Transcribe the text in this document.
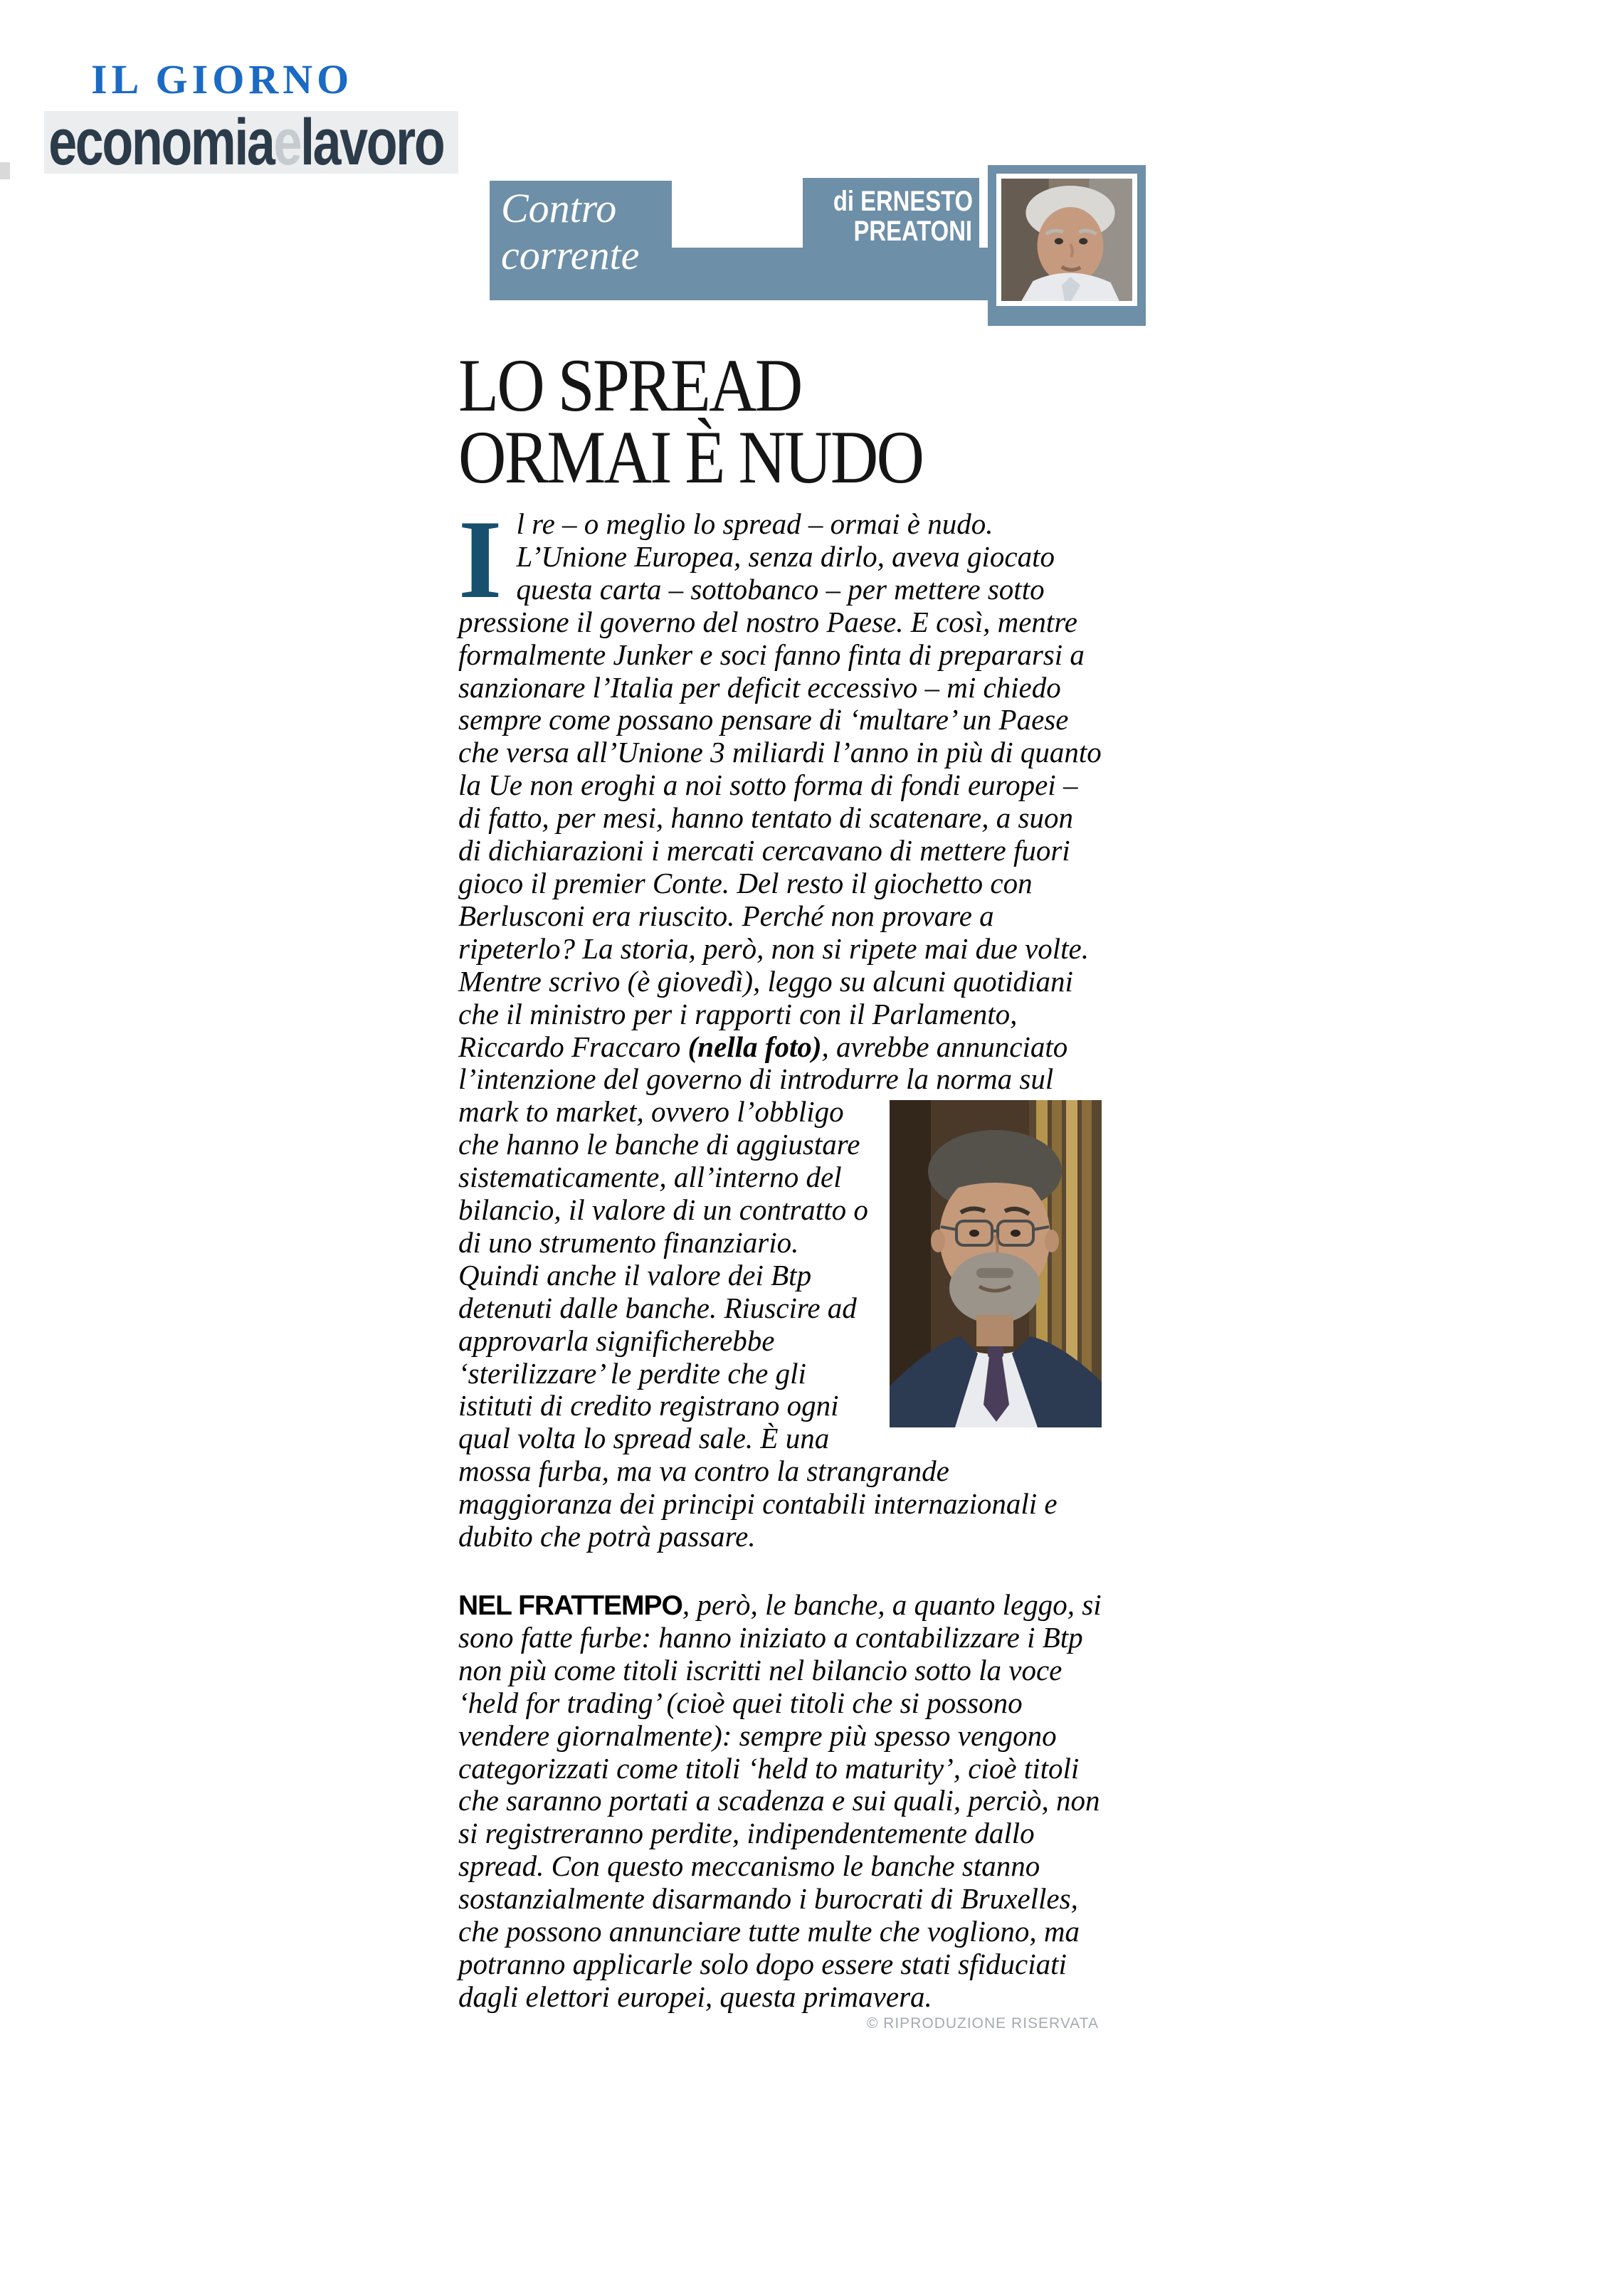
IL GIORNO
economiaelavoro
Contro
corrente
di ERNESTO
PREATONI
LO SPREAD
ORMAI È NUDO

Il re – o meglio lo spread – ormai è nudo. L’Unione Europea, senza dirlo, aveva giocato questa carta – sottobanco – per mettere sotto pressione il governo del nostro Paese. E così, mentre formalmente Junker e soci fanno finta di prepararsi a sanzionare l’Italia per deficit eccessivo – mi chiedo sempre come possano pensare di ‘multare’ un Paese che versa all’Unione 3 miliardi l’anno in più di quanto la Ue non eroghi a noi sotto forma di fondi europei – di fatto, per mesi, hanno tentato di scatenare, a suon di dichiarazioni i mercati cercavano di mettere fuori gioco il premier Conte. Del resto il giochetto con Berlusconi era riuscito. Perché non provare a ripeterlo? La storia, però, non si ripete mai due volte. Mentre scrivo (è giovedì), leggo su alcuni quotidiani che il ministro per i rapporti con il Parlamento, Riccardo Fraccaro (nella foto), avrebbe annunciato l’intenzione del governo di introdurre la norma sul mark to
market, ovvero l’obbligo che hanno le banche di aggiustare sistematicamente, all’interno del bilancio, il valore di un contratto o di uno strumento finanziario. Quindi anche il valore dei Btp detenuti dalle banche. Riuscire ad approvarla significherebbe ‘sterilizzare’ le perdite che gli istituti di credito registrano ogni qual volta lo spread sale. È una mossa furba, ma va contro la strangrande maggioranza dei principi contabili internazionali e dubito che potrà passare.

NEL FRATTEMPO, però, le banche, a quanto leggo, si sono fatte furbe: hanno iniziato a contabilizzare i Btp non più come titoli iscritti nel bilancio sotto la voce ‘held for trading’ (cioè quei titoli che si possono vendere giornalmente): sempre più spesso vengono categorizzati come titoli ‘held to maturity’, cioè titoli che saranno portati a scadenza e sui quali, perciò, non si registreranno perdite, indipendentemente dallo spread. Con questo meccanismo le banche stanno sostanzialmente disarmando i burocrati di Bruxelles, che possono annunciare tutte multe che vogliono, ma potranno applicarle solo dopo essere stati sfiduciati dagli elettori europei, questa primavera.

© RIPRODUZIONE RISERVATA
